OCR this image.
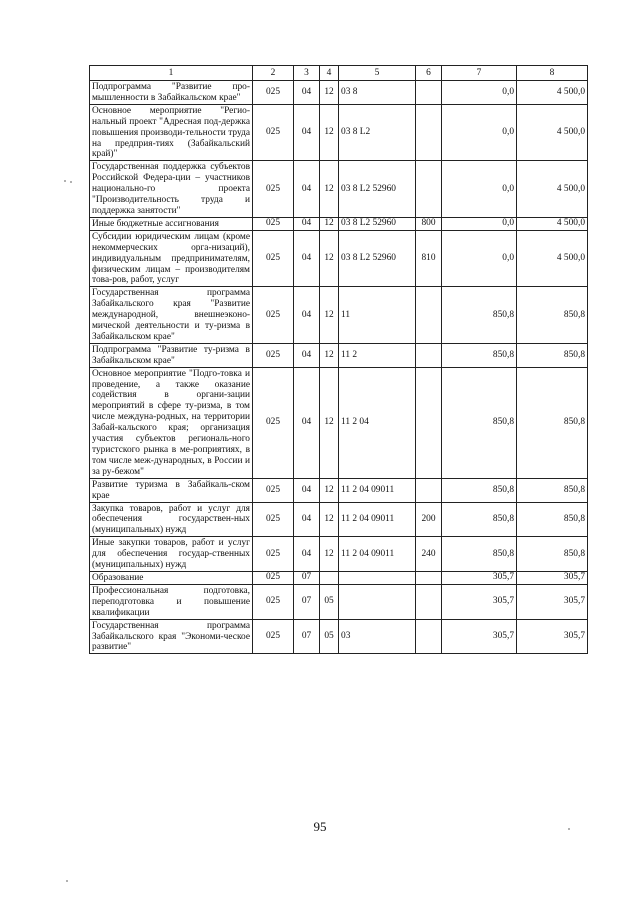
1	2	3	4	5	6	7	8
Подпрограмма "Развитие про-мышленности в Забайкальском крае"	025	04	12	03 8		0,0	4 500,0
Основное мероприятие "Регио-нальный проект "Адресная под-держка повышения производи-тельности труда на предприя-тиях (Забайкальский край)"	025	04	12	03 8 L2		0,0	4 500,0
Государственная поддержка субъектов Российской Федера-ции – участников национально-го проекта "Производительность труда и поддержка занятости"	025	04	12	03 8 L2 52960		0,0	4 500,0
Иные бюджетные ассигнования	025	04	12	03 8 L2 52960	800	0,0	4 500,0
Субсидии юридическим лицам (кроме некоммерческих орга-низаций), индивидуальным предпринимателям, физическим лицам – производителям това-ров, работ, услуг	025	04	12	03 8 L2 52960	810	0,0	4 500,0
Государственная программа Забайкальского края "Развитие международной, внешнеэконо-мической деятельности и ту-ризма в Забайкальском крае"	025	04	12	11		850,8	850,8
Подпрограмма "Развитие ту-ризма в Забайкальском крае"	025	04	12	11 2		850,8	850,8
Основное мероприятие "Подго-товка и проведение, а также оказание содействия в органи-зации мероприятий в сфере ту-ризма, в том числе междуна-родных, на территории Забай-кальского края; организация участия субъектов региональ-ного туристского рынка в ме-роприятиях, в том числе меж-дународных, в России и за ру-бежом"	025	04	12	11 2 04		850,8	850,8
Развитие туризма в Забайкаль-ском крае	025	04	12	11 2 04 09011		850,8	850,8
Закупка товаров, работ и услуг для обеспечения государствен-ных (муниципальных) нужд	025	04	12	11 2 04 09011	200	850,8	850,8
Иные закупки товаров, работ и услуг для обеспечения государ-ственных (муниципальных) нужд	025	04	12	11 2 04 09011	240	850,8	850,8
Образование	025	07				305,7	305,7
Профессиональная подготовка, переподготовка и повышение квалификации	025	07	05			305,7	305,7
Государственная программа Забайкальского края "Экономи-ческое развитие"	025	07	05	03		305,7	305,7
95
